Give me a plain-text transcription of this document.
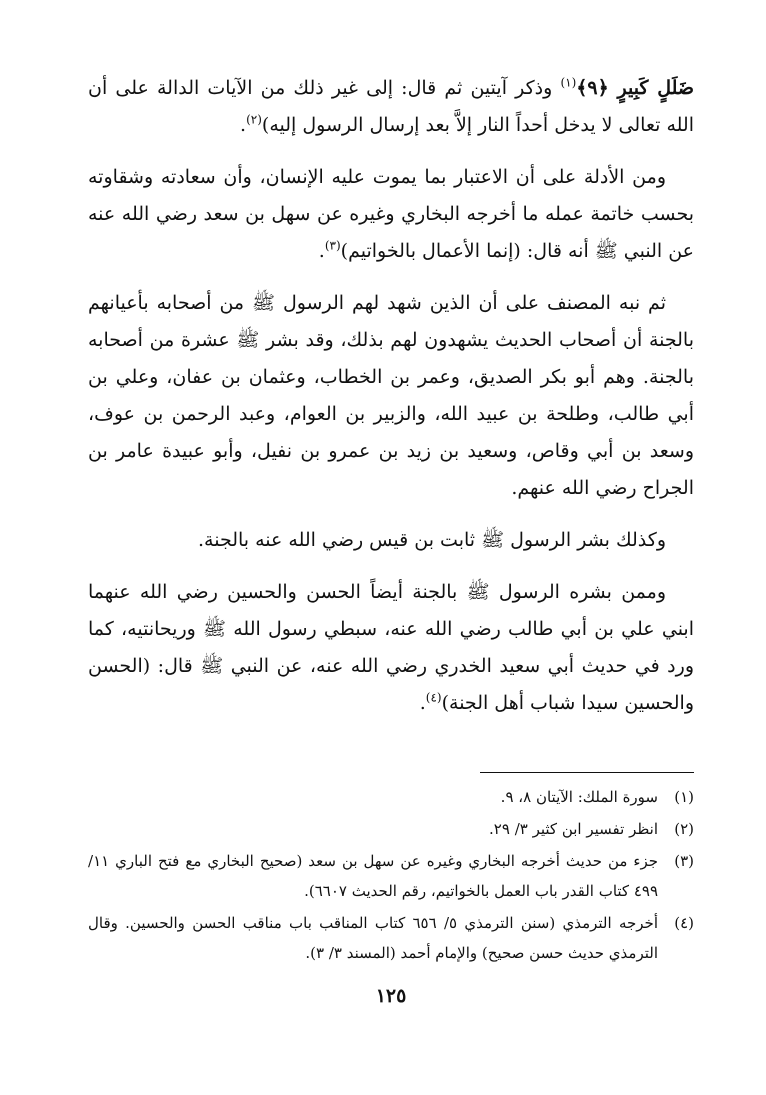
ضَلَلٍ كَبِيرٍ ﴿٩﴾$^{(١)}$ وذكر آيتين ثم قال: إلى غير ذلك من الآيات الدالة على أن الله تعالى لا يدخل أحداً النار إلاَّ بعد إرسال الرسول إليه)$^{(٢)}$.

ومن الأدلة على أن الاعتبار بما يموت عليه الإنسان، وأن سعادته وشقاوته بحسب خاتمة عمله ما أخرجه البخاري وغيره عن سهل بن سعد رضي الله عنه عن النبي ﷺ أنه قال: (إنما الأعمال بالخواتيم)$^{(٣)}$.

ثم نبه المصنف على أن الذين شهد لهم الرسول ﷺ من أصحابه بأعيانهم بالجنة أن أصحاب الحديث يشهدون لهم بذلك، وقد بشر ﷺ عشرة من أصحابه بالجنة. وهم أبو بكر الصديق، وعمر بن الخطاب، وعثمان بن عفان، وعلي بن أبي طالب، وطلحة بن عبيد الله، والزبير بن العوام، وعبد الرحمن بن عوف، وسعد بن أبي وقاص، وسعيد بن زيد بن عمرو بن نفيل، وأبو عبيدة عامر بن الجراح رضي الله عنهم.

وكذلك بشر الرسول ﷺ ثابت بن قيس رضي الله عنه بالجنة.

وممن بشره الرسول ﷺ بالجنة أيضاً الحسن والحسين رضي الله عنهما ابني علي بن أبي طالب رضي الله عنه، سبطي رسول الله ﷺ وريحانتيه، كما ورد في حديث أبي سعيد الخدري رضي الله عنه، عن النبي ﷺ قال: (الحسن والحسين سيدا شباب أهل الجنة)$^{(٤)}$.

(١)
سورة الملك: الآيتان ٨، ٩.
(٢)
انظر تفسير ابن كثير ٣/ ٢٩.
(٣)
جزء من حديث أخرجه البخاري وغيره عن سهل بن سعد (صحيح البخاري مع فتح الباري ١١/ ٤٩٩ كتاب القدر باب العمل بالخواتيم، رقم الحديث ٦٦٠٧).
(٤)
أخرجه الترمذي (سنن الترمذي ٥/ ٦٥٦ كتاب المناقب باب مناقب الحسن والحسين. وقال الترمذي حديث حسن صحيح) والإمام أحمد (المسند ٣/ ٣).
١٢٥
